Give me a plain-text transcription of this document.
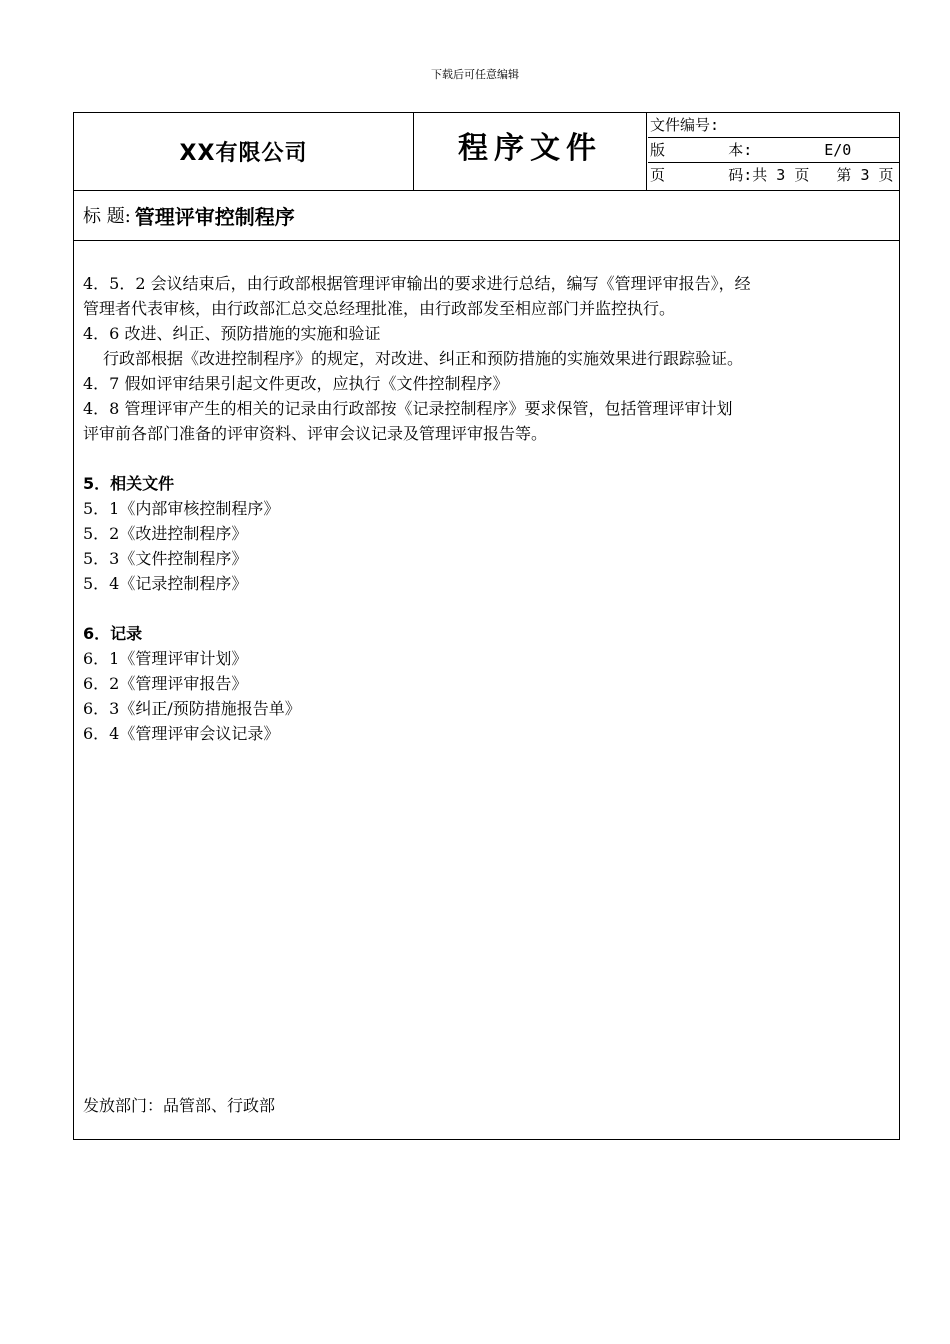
下载后可任意编辑
XX有限公司	程序文件
文件编号:
版       本:	E/0
页       码:共 3 页   第 3 页
标 题: 管理评审控制程序
4．5．2 会议结束后，由行政部根据管理评审输出的要求进行总结，编写《管理评审报告》，经
管理者代表审核，由行政部汇总交总经理批准，由行政部发至相应部门并监控执行。
4．6 改进、纠正、预防措施的实施和验证
行政部根据《改进控制程序》的规定，对改进、纠正和预防措施的实施效果进行跟踪验证。
4．7 假如评审结果引起文件更改，应执行《文件控制程序》
4．8 管理评审产生的相关的记录由行政部按《记录控制程序》要求保管，包括管理评审计划
评审前各部门准备的评审资料、评审会议记录及管理评审报告等。
5．相关文件
5．1《内部审核控制程序》
5．2《改进控制程序》
5．3《文件控制程序》
5．4《记录控制程序》
6．记录
6．1《管理评审计划》
6．2《管理评审报告》
6．3《纠正/预防措施报告单》
6．4《管理评审会议记录》
发放部门：品管部、行政部
